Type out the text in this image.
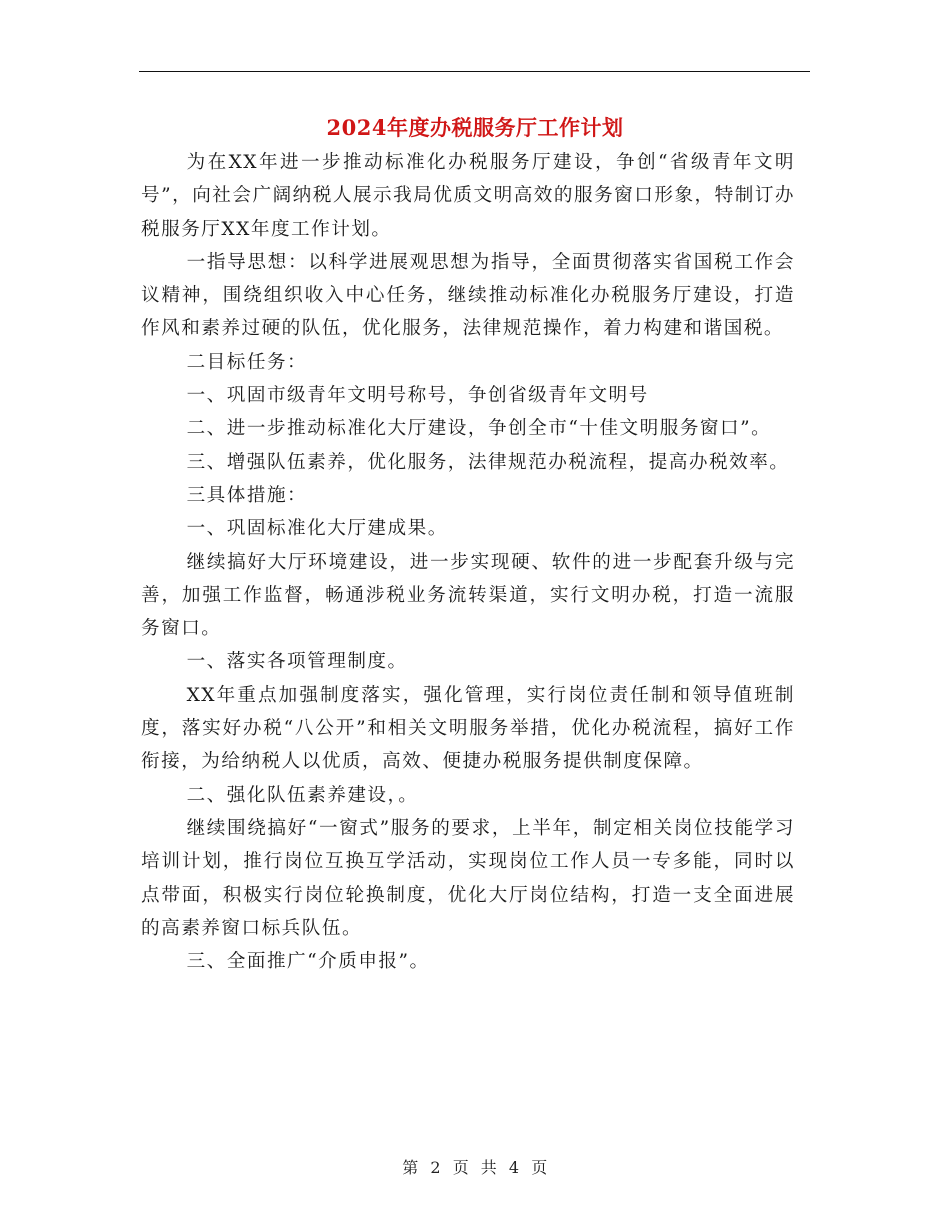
2024年度办税服务厅工作计划

为在XX年进一步推动标准化办税服务厅建设，争创“省级青年文明号”，向社会广阔纳税人展示我局优质文明高效的服务窗口形象，特制订办税服务厅XX年度工作计划。

一指导思想：以科学进展观思想为指导，全面贯彻落实省国税工作会议精神，围绕组织收入中心任务，继续推动标准化办税服务厅建设，打造作风和素养过硬的队伍，优化服务，法律规范操作，着力构建和谐国税。

二目标任务：

一、巩固市级青年文明号称号，争创省级青年文明号

二、进一步推动标准化大厅建设，争创全市“十佳文明服务窗口”。

三、增强队伍素养，优化服务，法律规范办税流程，提高办税效率。

三具体措施：

一、巩固标准化大厅建成果。

继续搞好大厅环境建设，进一步实现硬、软件的进一步配套升级与完善，加强工作监督，畅通涉税业务流转渠道，实行文明办税，打造一流服务窗口。

一、落实各项管理制度。

XX年重点加强制度落实，强化管理，实行岗位责任制和领导值班制度，落实好办税“八公开”和相关文明服务举措，优化办税流程，搞好工作衔接，为给纳税人以优质，高效、便捷办税服务提供制度保障。

二、强化队伍素养建设，。

继续围绕搞好“一窗式”服务的要求，上半年，制定相关岗位技能学习培训计划，推行岗位互换互学活动，实现岗位工作人员一专多能，同时以点带面，积极实行岗位轮换制度，优化大厅岗位结构，打造一支全面进展的高素养窗口标兵队伍。

三、全面推广“介质申报”。

第 2 页 共 4 页
